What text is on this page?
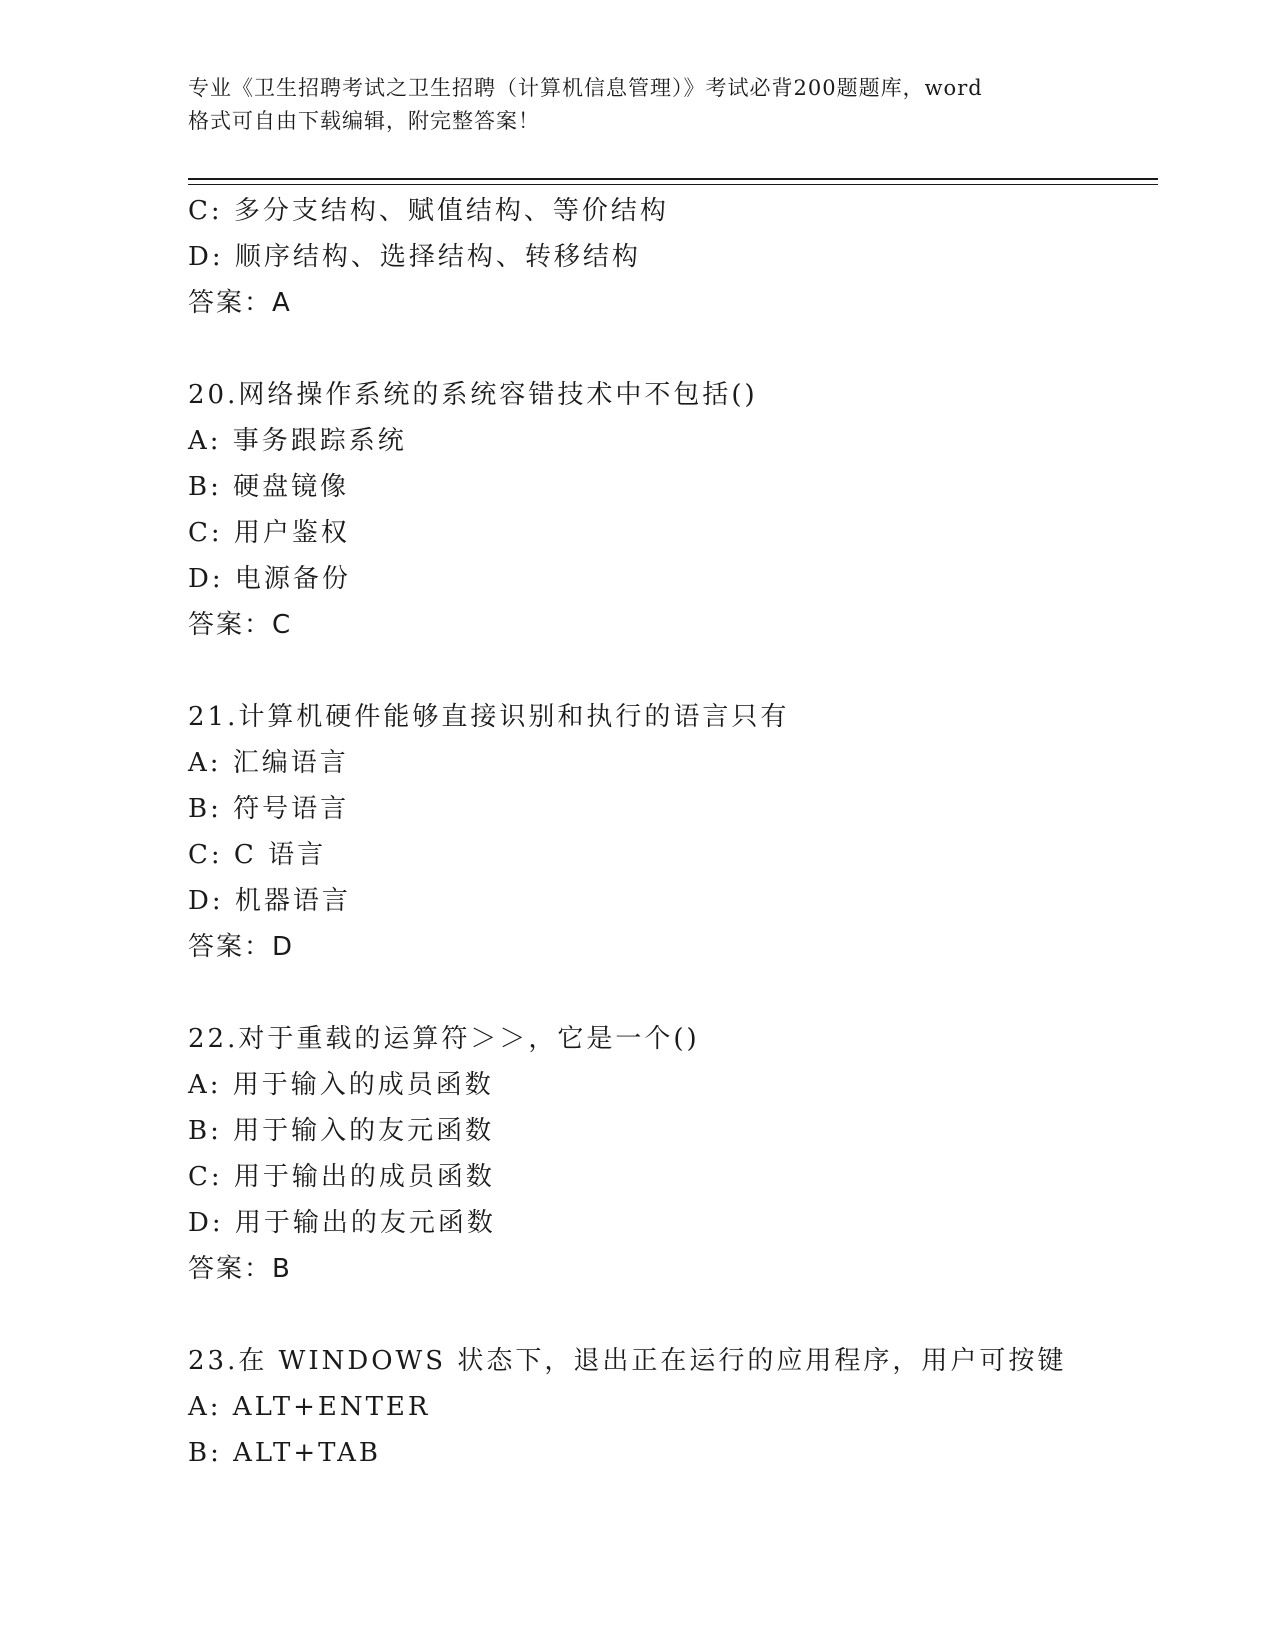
专业《卫生招聘考试之卫生招聘（计算机信息管理）》考试必背200题题库，word
格式可自由下载编辑，附完整答案！
C: 多分支结构、赋值结构、等价结构
D: 顺序结构、选择结构、转移结构
答案：A
20.网络操作系统的系统容错技术中不包括()
A: 事务跟踪系统
B: 硬盘镜像
C: 用户鉴权
D: 电源备份
答案：C
21.计算机硬件能够直接识别和执行的语言只有
A: 汇编语言
B: 符号语言
C: C 语言
D: 机器语言
答案：D
22.对于重载的运算符＞＞，它是一个()
A: 用于输入的成员函数
B: 用于输入的友元函数
C: 用于输出的成员函数
D: 用于输出的友元函数
答案：B
23.在 WINDOWS 状态下，退出正在运行的应用程序，用户可按键
A: ALT+ENTER
B: ALT+TAB
